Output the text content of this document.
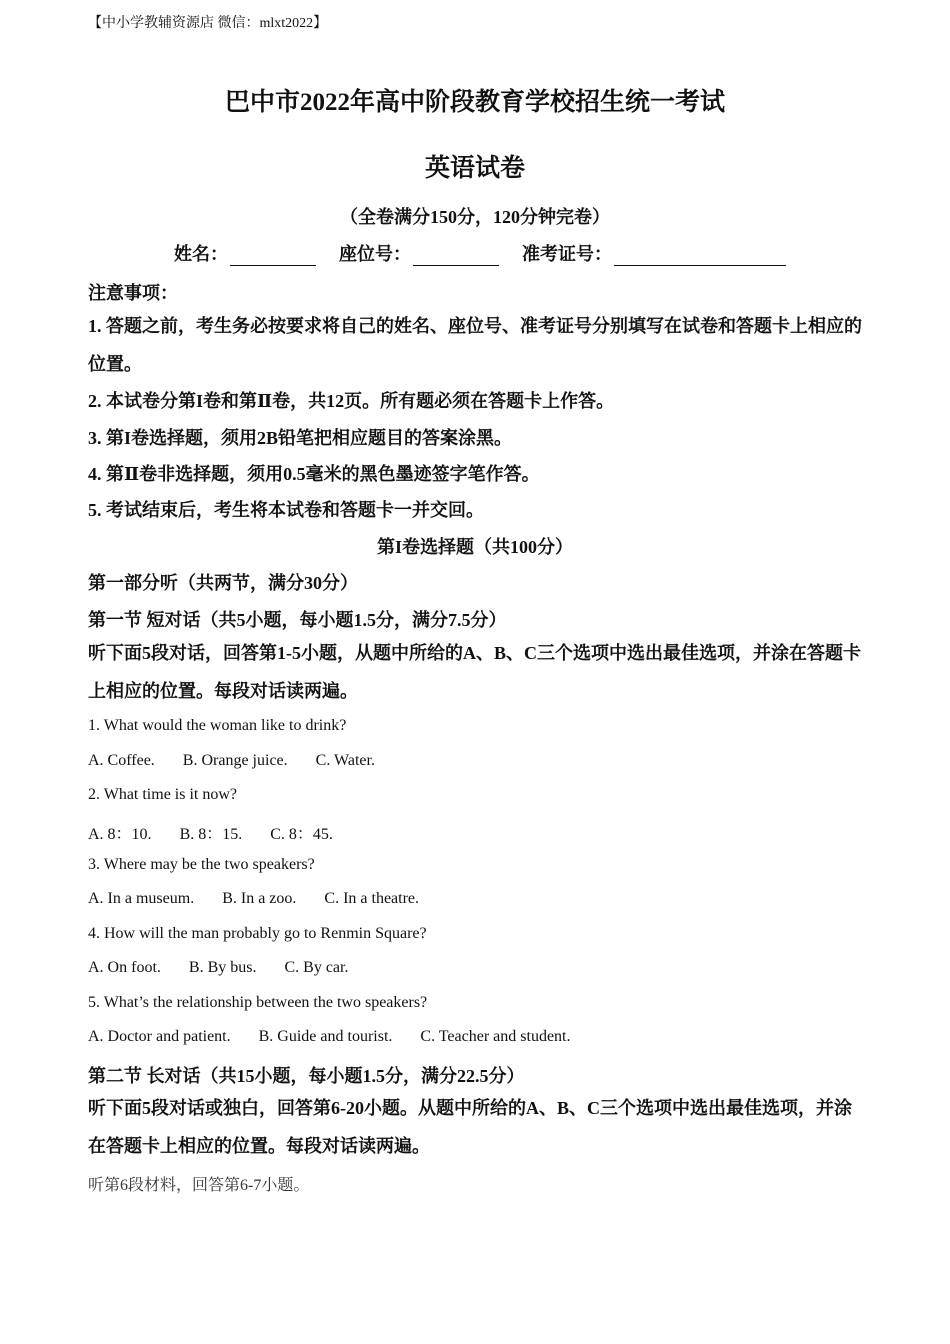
【中小学教辅资源店 微信：mlxt2022】
巴中市2022年高中阶段教育学校招生统一考试
英语试卷
（全卷满分150分，120分钟完卷）
姓名：	座位号：	准考证号：
注意事项：
1. 答题之前，考生务必按要求将自己的姓名、座位号、准考证号分别填写在试卷和答题卡上相应的位置。
2. 本试卷分第I卷和第Ⅱ卷，共12页。所有题必须在答题卡上作答。
3. 第I卷选择题，须用2B铅笔把相应题目的答案涂黑。
4. 第Ⅱ卷非选择题，须用0.5毫米的黑色墨迹签字笔作答。
5. 考试结束后，考生将本试卷和答题卡一并交回。
第I卷选择题（共100分）
第一部分听（共两节，满分30分）
第一节 短对话（共5小题，每小题1.5分，满分7.5分）
听下面5段对话，回答第1-5小题，从题中所给的A、B、C三个选项中选出最佳选项，并涂在答题卡上相应的位置。每段对话读两遍。
1. What would the woman like to drink?
A. Coffee. B. Orange juice. C. Water.
2. What time is it now?
A. 8：10. B. 8：15. C. 8：45.
3. Where may be the two speakers?
A. In a museum. B. In a zoo. C. In a theatre.
4. How will the man probably go to Renmin Square?
A. On foot. B. By bus. C. By car.
5. What’s the relationship between the two speakers?
A. Doctor and patient. B. Guide and tourist. C. Teacher and student.
第二节 长对话（共15小题，每小题1.5分，满分22.5分）
听下面5段对话或独白，回答第6-20小题。从题中所给的A、B、C三个选项中选出最佳选项，并涂在答题卡上相应的位置。每段对话读两遍。
听第6段材料，回答第6-7小题。
